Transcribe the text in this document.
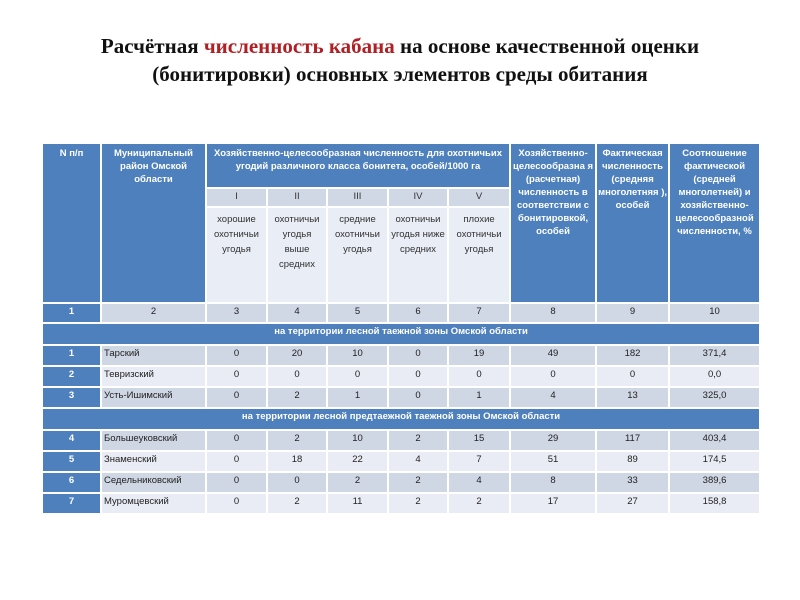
Расчётная численность кабана на основе качественной оценки
(бонитировки) основных элементов среды обитания
N п/п	Муниципальный район Омской области	Хозяйственно-целесообразная численность для охотничьих угодий различного класса бонитета, особей/1000 га					Хозяйственно-целесообразна я (расчетная) численность в соответствии с бонитировкой, особей	Фактическая численность (средняя многолетняя ), особей	Соотношение фактической (средней многолетней) и хозяйственно-целесообразной численности, %
		I	II	III	IV	V			
		хорошие охотничьи угодья	охотничьи угодья выше средних	средние охотничьи угодья	охотничьи угодья ниже средних	плохие охотничьи угодья			
1	2	3	4	5	6	7	8	9	10
на территории лесной таежной зоны Омской области									
1	Тарский	0	20	10	0	19	49	182	371,4
2	Тевризский	0	0	0	0	0	0	0	0,0
3	Усть-Ишимский	0	2	1	0	1	4	13	325,0
на территории лесной предтаежной таежной зоны Омской области									
4	Большеуковский	0	2	10	2	15	29	117	403,4
5	Знаменский	0	18	22	4	7	51	89	174,5
6	Седельниковский	0	0	2	2	4	8	33	389,6
7	Муромцевский	0	2	11	2	2	17	27	158,8
